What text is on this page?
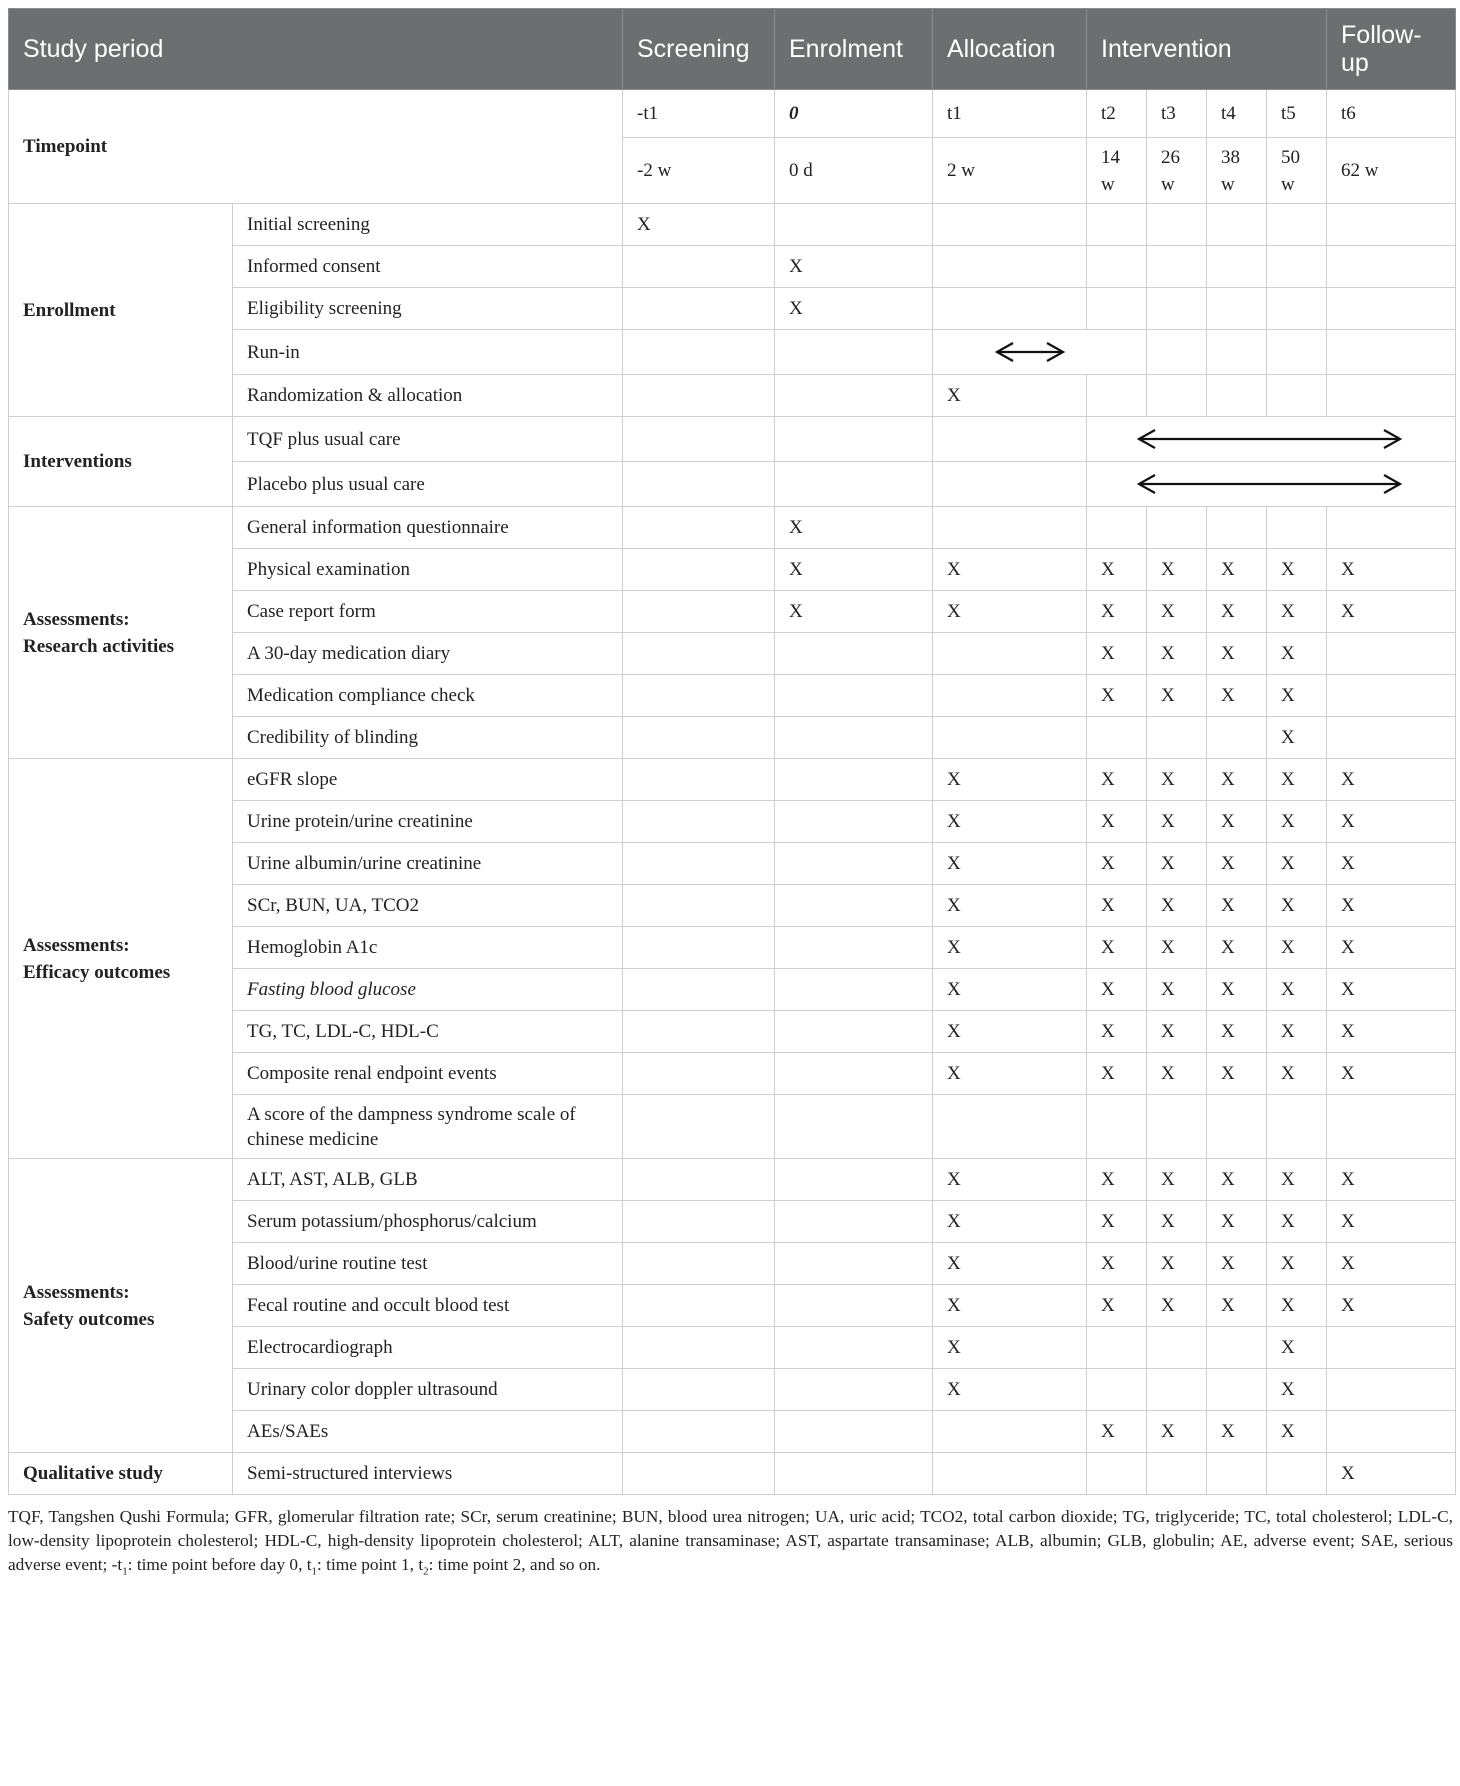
Study period		Screening	Enrolment	Allocation	Intervention				Follow-up
Timepoint		-t1	0	t1	t2	t3	t4	t5	t6
		-2 w	0 d	2 w	14 w	26 w	38 w	50 w	62 w
Enrollment	Initial screening	X							
	Informed consent		X						
	Eligibility screening		X						
	Run-in			

	Randomization & allocation			X					
Interventions	TQF plus usual care				

	Placebo plus usual care				

Assessments:
Research activities	General information questionnaire		X						
	Physical examination		X	X	X	X	X	X	X
	Case report form		X	X	X	X	X	X	X
	A 30-day medication diary				X	X	X	X	
	Medication compliance check				X	X	X	X	
	Credibility of blinding							X	
Assessments:
Efficacy outcomes	eGFR slope			X	X	X	X	X	X
	Urine protein/urine creatinine			X	X	X	X	X	X
	Urine albumin/urine creatinine			X	X	X	X	X	X
	SCr, BUN, UA, TCO2			X	X	X	X	X	X
	Hemoglobin A1c			X	X	X	X	X	X
	Fasting blood glucose			X	X	X	X	X	X
	TG, TC, LDL-C, HDL-C			X	X	X	X	X	X
	Composite renal endpoint events			X	X	X	X	X	X
	A score of the dampness syndrome scale of chinese medicine								
Assessments:
Safety outcomes	ALT, AST, ALB, GLB			X	X	X	X	X	X
	Serum potassium/phosphorus/calcium			X	X	X	X	X	X
	Blood/urine routine test			X	X	X	X	X	X
	Fecal routine and occult blood test			X	X	X	X	X	X
	Electrocardiograph			X				X	
	Urinary color doppler ultrasound			X				X	
	AEs/SAEs				X	X	X	X	
Qualitative study	Semi-structured interviews								X
TQF, Tangshen Qushi Formula; GFR, glomerular filtration rate; SCr, serum creatinine; BUN, blood urea nitrogen; UA, uric acid; TCO2, total carbon dioxide; TG, triglyceride; TC, total cholesterol; LDL-C, low-density lipoprotein cholesterol; HDL-C, high-density lipoprotein cholesterol; ALT, alanine transaminase; AST, aspartate transaminase; ALB, albumin; GLB, globulin; AE, adverse event; SAE, serious adverse event; $-t_1$: time point before day 0, $t_1$: time point 1, $t_2$: time point 2, and so on.
